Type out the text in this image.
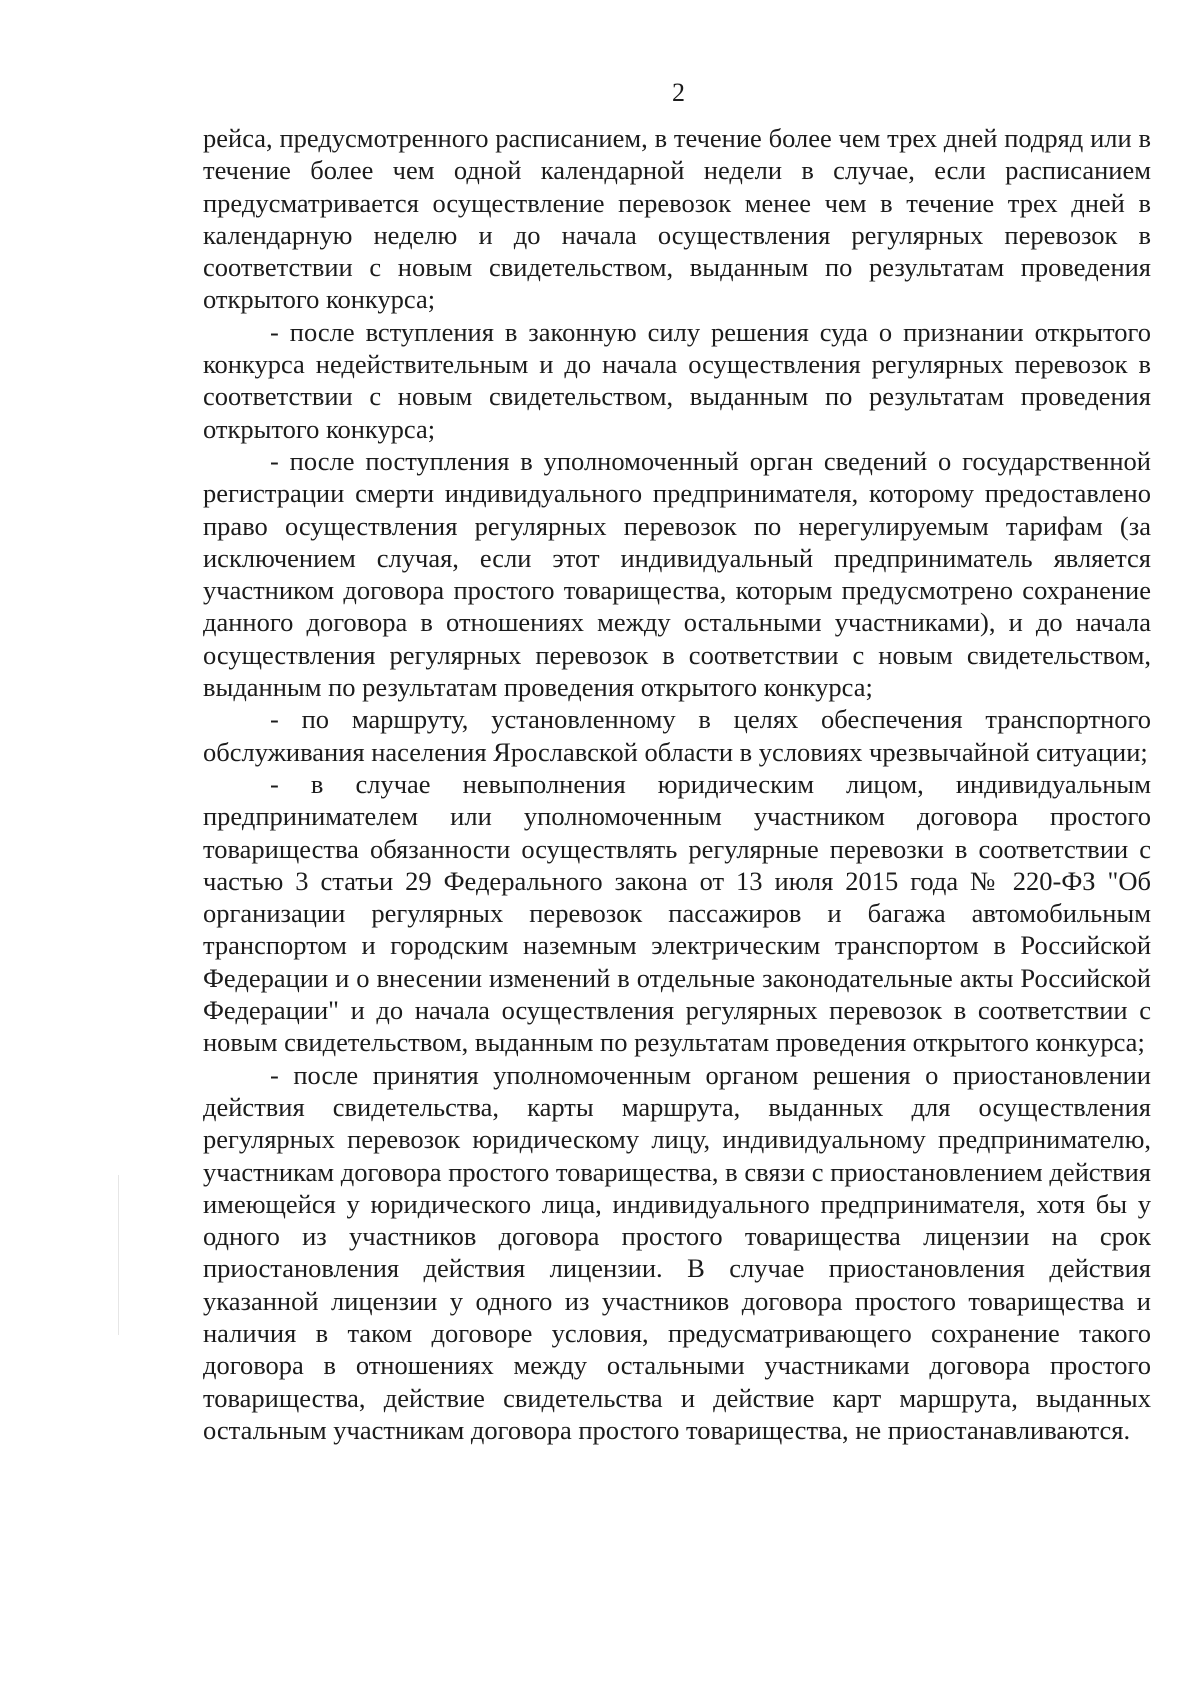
2

рейса, предусмотренного расписанием, в течение более чем трех дней подряд или в течение более чем одной календарной недели в случае, если расписанием предусматривается осуществление перевозок менее чем в течение трех дней в календарную неделю и до начала осуществления регулярных перевозок в соответствии с новым свидетельством, выданным по результатам проведения открытого конкурса;

- после вступления в законную силу решения суда о признании открытого конкурса недействительным и до начала осуществления регулярных перевозок в соответствии с новым свидетельством, выданным по результатам проведения открытого конкурса;

- после поступления в уполномоченный орган сведений о государственной регистрации смерти индивидуального предпринимателя, которому предоставлено право осуществления регулярных перевозок по нерегулируемым тарифам (за исключением случая, если этот индивидуальный предприниматель является участником договора простого товарищества, которым предусмотрено сохранение данного договора в отношениях между остальными участниками), и до начала осуществления регулярных перевозок в соответствии с новым свидетельством, выданным по результатам проведения открытого конкурса;

- по маршруту, установленному в целях обеспечения транспортного обслуживания населения Ярославской области в условиях чрезвычайной ситуации;

- в случае невыполнения юридическим лицом, индивидуальным предпринимателем или уполномоченным участником договора простого товарищества обязанности осуществлять регулярные перевозки в соответствии с частью 3 статьи 29 Федерального закона от 13 июля 2015 года № 220-ФЗ "Об организации регулярных перевозок пассажиров и багажа автомобильным транспортом и городским наземным электрическим транспортом в Российской Федерации и о внесении изменений в отдельные законодательные акты Российской Федерации" и до начала осуществления регулярных перевозок в соответствии с новым свидетельством, выданным по результатам проведения открытого конкурса;

- после принятия уполномоченным органом решения о приостановлении действия свидетельства, карты маршрута, выданных для осуществления регулярных перевозок юридическому лицу, индивидуальному предпринимателю, участникам договора простого товарищества, в связи с приостановлением действия имеющейся у юридического лица, индивидуального предпринимателя, хотя бы у одного из участников договора простого товарищества лицензии на срок приостановления действия лицензии. В случае приостановления действия указанной лицензии у одного из участников договора простого товарищества и наличия в таком договоре условия, предусматривающего сохранение такого договора в отношениях между остальными участниками договора простого товарищества, действие свидетельства и действие карт маршрута, выданных остальным участникам договора простого товарищества, не приостанавливаются.
